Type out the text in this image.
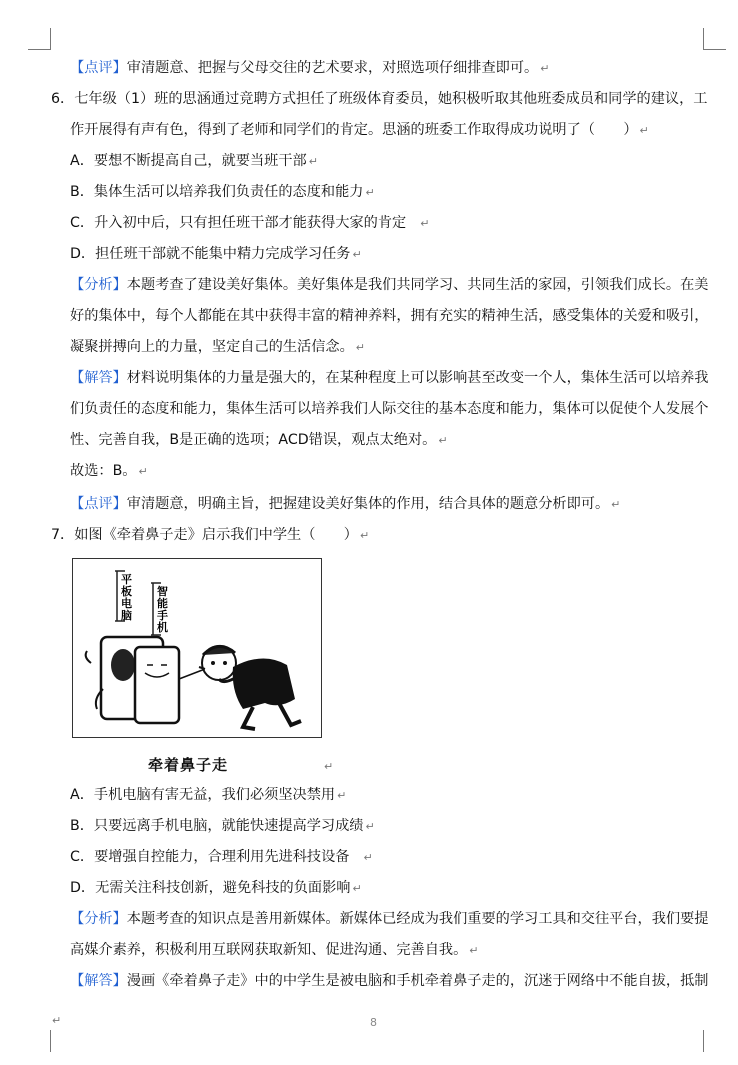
【点评】审清题意、把握与父母交往的艺术要求，对照选项仔细排查即可。 ↵
6．七年级（1）班的思涵通过竞聘方式担任了班级体育委员，她积极听取其他班委成员和同学的建议，工
作开展得有声有色，得到了老师和同学们的肯定。思涵的班委工作取得成功说明了（　　） ↵
A．要想不断提高自己，就要当班干部 ↵
B．集体生活可以培养我们负责任的态度和能力 ↵
C．升入初中后，只有担任班干部才能获得大家的肯定 ↵
D．担任班干部就不能集中精力完成学习任务 ↵
【分析】本题考查了建设美好集体。美好集体是我们共同学习、共同生活的家园，引领我们成长。在美
好的集体中，每个人都能在其中获得丰富的精神养料，拥有充实的精神生活，感受集体的关爱和吸引，
凝聚拼搏向上的力量，坚定自己的生活信念。 ↵
【解答】材料说明集体的力量是强大的，在某种程度上可以影响甚至改变一个人，集体生活可以培养我
们负责任的态度和能力，集体生活可以培养我们人际交往的基本态度和能力，集体可以促使个人发展个
性、完善自我，B是正确的选项；ACD错误，观点太绝对。 ↵
故选：B。 ↵
【点评】审清题意，明确主旨，把握建设美好集体的作用，结合具体的题意分析即可。 ↵
7．如图《牵着鼻子走》启示我们中学生（　　） ↵
平
板
电
脑
智
能
手
机
牵着鼻子走	↵
A．手机电脑有害无益，我们必须坚决禁用 ↵
B．只要远离手机电脑，就能快速提高学习成绩 ↵
C．要增强自控能力，合理利用先进科技设备 ↵
D．无需关注科技创新，避免科技的负面影响 ↵
【分析】本题考查的知识点是善用新媒体。新媒体已经成为我们重要的学习工具和交往平台，我们要提
高媒介素养，积极利用互联网获取新知、促进沟通、完善自我。 ↵
【解答】漫画《牵着鼻子走》中的中学生是被电脑和手机牵着鼻子走的，沉迷于网络中不能自拔，抵制
↵	8
